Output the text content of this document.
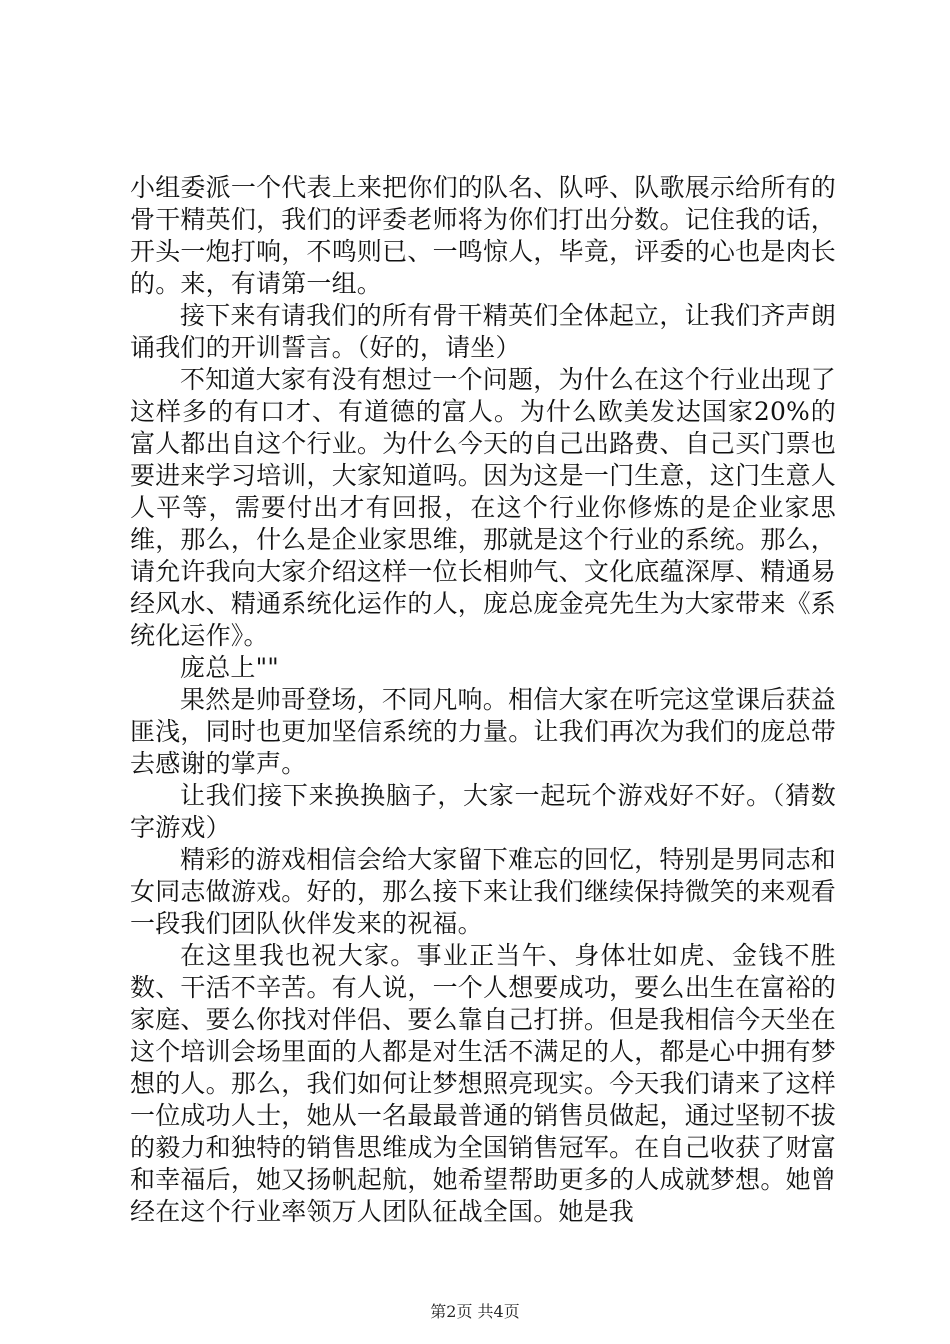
小组委派一个代表上来把你们的队名、队呼、队歌展示给所有的骨干精英们，我们的评委老师将为你们打出分数。记住我的话，开头一炮打响，不鸣则已、一鸣惊人，毕竟，评委的心也是肉长的。来，有请第一组。

接下来有请我们的所有骨干精英们全体起立，让我们齐声朗诵我们的开训誓言。（好的，请坐）

不知道大家有没有想过一个问题，为什么在这个行业出现了这样多的有口才、有道德的富人。为什么欧美发达国家20%的富人都出自这个行业。为什么今天的自己出路费、自己买门票也要进来学习培训，大家知道吗。因为这是一门生意，这门生意人人平等，需要付出才有回报，在这个行业你修炼的是企业家思维，那么，什么是企业家思维，那就是这个行业的系统。那么，请允许我向大家介绍这样一位长相帅气、文化底蕴深厚、精通易经风水、精通系统化运作的人，庞总庞金亮先生为大家带来《系统化运作》。

庞总上""

果然是帅哥登场，不同凡响。相信大家在听完这堂课后获益匪浅，同时也更加坚信系统的力量。让我们再次为我们的庞总带去感谢的掌声。

让我们接下来换换脑子，大家一起玩个游戏好不好。（猜数字游戏）

精彩的游戏相信会给大家留下难忘的回忆，特别是男同志和女同志做游戏。好的，那么接下来让我们继续保持微笑的来观看一段我们团队伙伴发来的祝福。

在这里我也祝大家。事业正当午、身体壮如虎、金钱不胜数、干活不辛苦。有人说，一个人想要成功，要么出生在富裕的家庭、要么你找对伴侣、要么靠自己打拼。但是我相信今天坐在这个培训会场里面的人都是对生活不满足的人，都是心中拥有梦想的人。那么，我们如何让梦想照亮现实。今天我们请来了这样一位成功人士，她从一名最最普通的销售员做起，通过坚韧不拔的毅力和独特的销售思维成为全国销售冠军。在自己收获了财富和幸福后，她又扬帆起航，她希望帮助更多的人成就梦想。她曾经在这个行业率领万人团队征战全国。她是我

第2页 共4页
